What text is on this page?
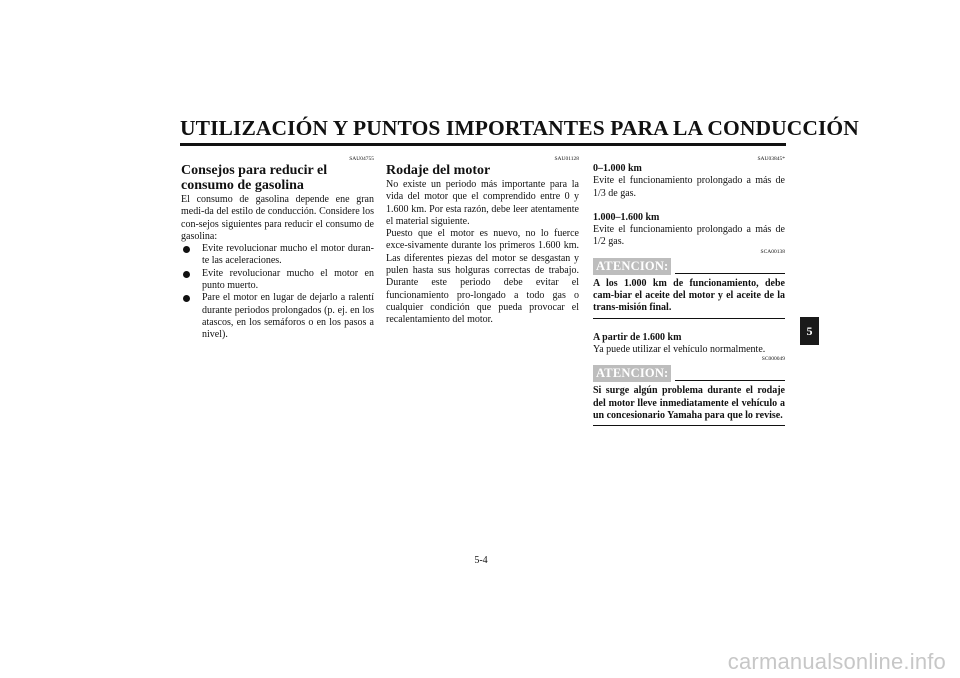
UTILIZACIÓN Y PUNTOS IMPORTANTES PARA LA CONDUCCIÓN
5

SAU04755

Consejos para reducir el consumo de gasolina

El consumo de gasolina depende ene gran medi-da del estilo de conducción. Considere los con-sejos siguientes para reducir el consumo de gasolina:

Evite revolucionar mucho el motor duran-te las aceleraciones.
Evite revolucionar mucho el motor en punto muerto.
Pare el motor en lugar de dejarlo a ralentí durante periodos prolongados (p. ej. en los atascos, en los semáforos o en los pasos a nivel).

SAU01128

Rodaje del motor

No existe un periodo más importante para la vida del motor que el comprendido entre 0 y 1.600 km. Por esta razón, debe leer atentamente el material siguiente.

Puesto que el motor es nuevo, no lo fuerce exce-sivamente durante los primeros 1.600 km. Las diferentes piezas del motor se desgastan y pulen hasta sus holguras correctas de trabajo. Durante este periodo debe evitar el funcionamiento pro-longado a todo gas o cualquier condición que pueda provocar el recalentamiento del motor.

SAU03845*

0–1.000 km

Evite el funcionamiento prolongado a más de 1/3 de gas.

1.000–1.600 km

Evite el funcionamiento prolongado a más de 1/2 gas.

SCA00138

ATENCION:

A los 1.000 km de funcionamiento, debe cam-biar el aceite del motor y el aceite de la trans-misión final.

A partir de 1.600 km

Ya puede utilizar el vehículo normalmente.

SC000049

ATENCION:

Si surge algún problema durante el rodaje del motor lleve inmediatamente el vehículo a un concesionario Yamaha para que lo revise.

5-4
carmanualsonline.info
